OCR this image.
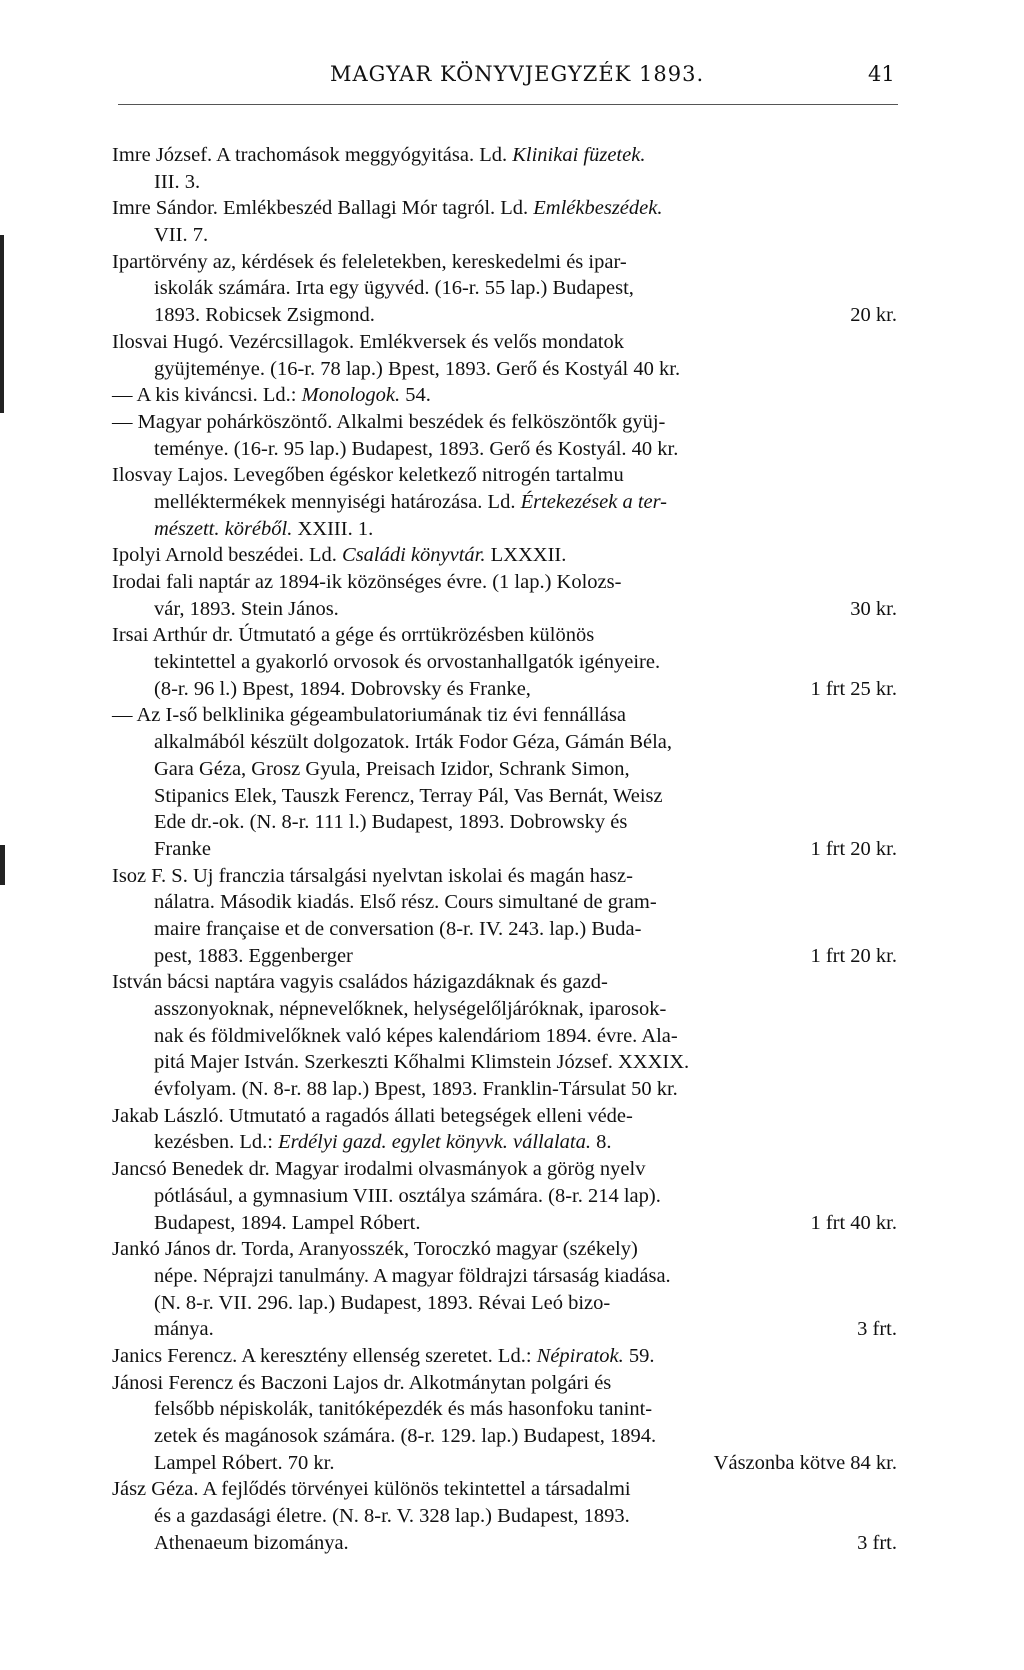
MAGYAR KÖNYVJEGYZÉK 1893.	41
Imre József. A trachomások meggyógyitása. Ld. Klinikai füzetek.
III. 3.
Imre Sándor. Emlékbeszéd Ballagi Mór tagról. Ld. Emlékbeszédek.
VII. 7.
Ipartörvény az, kérdések és feleletekben, kereskedelmi és ipar-
iskolák számára. Irta egy ügyvéd. (16-r. 55 lap.) Budapest,
1893. Robicsek Zsigmond.	20 kr.
Ilosvai Hugó. Vezércsillagok. Emlékversek és velős mondatok
gyüjteménye. (16-r. 78 lap.) Bpest, 1893. Gerő és Kostyál 40 kr.
— A kis kiváncsi. Ld.: Monologok. 54.
— Magyar pohárköszöntő. Alkalmi beszédek és felköszöntők gyüj-
teménye. (16-r. 95 lap.) Budapest, 1893. Gerő és Kostyál. 40 kr.
Ilosvay Lajos. Levegőben égéskor keletkező nitrogén tartalmu
melléktermékek mennyiségi határozása. Ld. Értekezések a ter-
mészett. köréből. XXIII. 1.
Ipolyi Arnold beszédei. Ld. Családi könyvtár. LXXXII.
Irodai fali naptár az 1894-ik közönséges évre. (1 lap.) Kolozs-
vár, 1893. Stein János.	30 kr.
Irsai Arthúr dr. Útmutató a gége és orrtükrözésben különös
tekintettel a gyakorló orvosok és orvostanhallgatók igényeire.
(8-r. 96 l.) Bpest, 1894. Dobrovsky és Franke,	1 frt 25 kr.
— Az I-ső belklinika gégeambulatoriumának tiz évi fennállása
alkalmából készült dolgozatok. Irták Fodor Géza, Gámán Béla,
Gara Géza, Grosz Gyula, Preisach Izidor, Schrank Simon,
Stipanics Elek, Tauszk Ferencz, Terray Pál, Vas Bernát, Weisz
Ede dr.-ok. (N. 8-r. 111 l.) Budapest, 1893. Dobrowsky és
Franke	1 frt 20 kr.
Isoz F. S. Uj franczia társalgási nyelvtan iskolai és magán hasz-
nálatra. Második kiadás. Első rész. Cours simultané de gram-
maire française et de conversation (8-r. IV. 243. lap.) Buda-
pest, 1883. Eggenberger	1 frt 20 kr.
István bácsi naptára vagyis családos házigazdáknak és gazd-
asszonyoknak, népnevelőknek, helységelőljáróknak, iparosok-
nak és földmivelőknek való képes kalendáriom 1894. évre. Ala-
pitá Majer István. Szerkeszti Kőhalmi Klimstein József. XXXIX.
évfolyam. (N. 8-r. 88 lap.) Bpest, 1893. Franklin-Társulat 50 kr.
Jakab László. Utmutató a ragadós állati betegségek elleni véde-
kezésben. Ld.: Erdélyi gazd. egylet könyvk. vállalata. 8.
Jancsó Benedek dr. Magyar irodalmi olvasmányok a görög nyelv
pótlásául, a gymnasium VIII. osztálya számára. (8-r. 214 lap).
Budapest, 1894. Lampel Róbert.	1 frt 40 kr.
Jankó János dr. Torda, Aranyosszék, Toroczkó magyar (székely)
népe. Néprajzi tanulmány. A magyar földrajzi társaság kiadása.
(N. 8-r. VII. 296. lap.) Budapest, 1893. Révai Leó bizo-
mánya.	3 frt.
Janics Ferencz. A keresztény ellenség szeretet. Ld.: Népiratok. 59.
Jánosi Ferencz és Baczoni Lajos dr. Alkotmánytan polgári és
felsőbb népiskolák, tanitóképezdék és más hasonfoku tanint-
zetek és magánosok számára. (8-r. 129. lap.) Budapest, 1894.
Lampel Róbert. 70 kr.	Vászonba kötve 84 kr.
Jász Géza. A fejlődés törvényei különös tekintettel a társadalmi
és a gazdasági életre. (N. 8-r. V. 328 lap.) Budapest, 1893.
Athenaeum bizománya.	3 frt.
